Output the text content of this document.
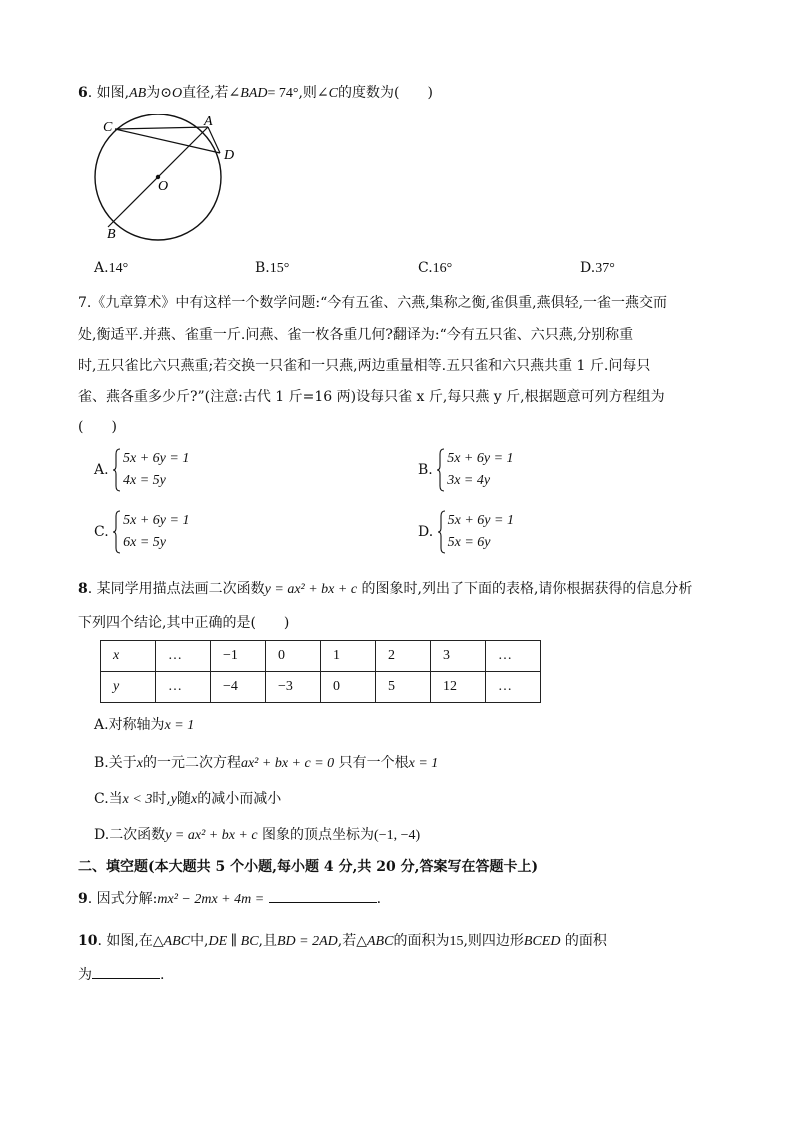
6. 如图,AB为⊙O直径,若∠BAD= 74°,则∠C的度数为(　　)
C	A
D
O
B
A.14°	B.15°	C.16°	D.37°
7.《九章算术》中有这样一个数学问题:“今有五雀、六燕,集称之衡,雀俱重,燕俱轻,一雀一燕交而
处,衡适平.并燕、雀重一斤.问燕、雀一枚各重几何?翻译为:“今有五只雀、六只燕,分别称重
时,五只雀比六只燕重;若交换一只雀和一只燕,两边重量相等.五只雀和六只燕共重 1 斤.问每只
雀、燕各重多少斤?”(注意:古代 1 斤=16 两)设每只雀 x 斤,每只燕 y 斤,根据题意可列方程组为
(　　)
A.
5x + 6y = 1
4x = 5y
B.
5x + 6y = 1
3x = 4y
C.
5x + 6y = 1
6x = 5y
D.
5x + 6y = 1
5x = 6y
8. 某同学用描点法画二次函数y = ax² + bx + c 的图象时,列出了下面的表格,请你根据获得的信息分析
下列四个结论,其中正确的是(　　)
x	…	−1	0	1	2	3	…
y	…	−4	−3	0	5	12	…
A.对称轴为x = 1
B.关于x的一元二次方程ax² + bx + c = 0 只有一个根x = 1
C.当x < 3时,y随x的减小而减小
D.二次函数y = ax² + bx + c 图象的顶点坐标为(−1, −4)
二、填空题(本大题共 5 个小题,每小题 4 分,共 20 分,答案写在答题卡上)
9. 因式分解:mx² − 2mx + 4m =	.
10. 如图,在△ABC中,DE ∥ BC,且BD = 2AD,若△ABC的面积为15,则四边形BCED 的面积
为	.
